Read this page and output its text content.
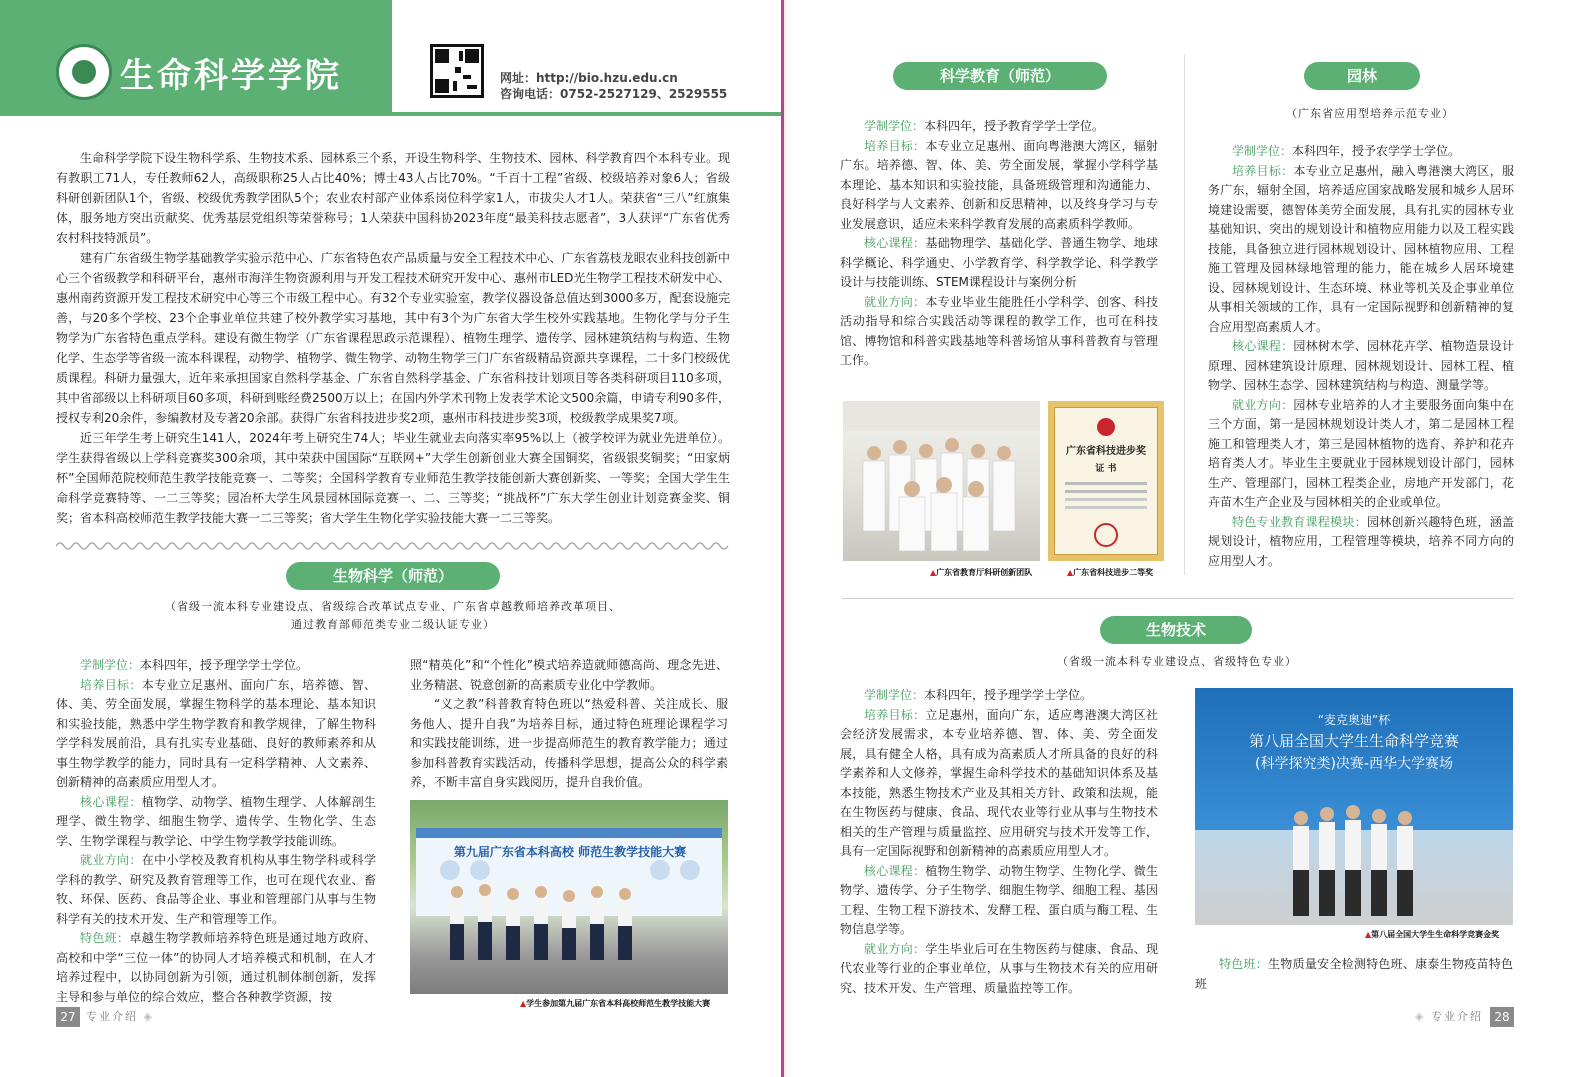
生命科学学院	网址：http://bio.hzu.edu.cn
咨询电话：0752-2527129、2529555

生命科学学院下设生物科学系、生物技术系、园林系三个系，开设生物科学、生物技术、园林、科学教育四个本科专业。现有教职工71人，专任教师62人，高级职称25人占比40%；博士43人占比70%。“千百十工程”省级、校级培养对象6人；省级科研创新团队1个，省级、校级优秀教学团队5个；农业农村部产业体系岗位科学家1人，市拔尖人才1人。荣获省“三八”红旗集体，服务地方突出贡献奖、优秀基层党组织等荣誉称号；1人荣获中国科协2023年度“最美科技志愿者”，3人获评“广东省优秀农村科技特派员”。

建有广东省级生物学基础教学实验示范中心、广东省特色农产品质量与安全工程技术中心、广东省荔枝龙眼农业科技创新中心三个省级教学和科研平台，惠州市海洋生物资源利用与开发工程技术研究开发中心、惠州市LED光生物学工程技术研发中心、惠州南药资源开发工程技术研究中心等三个市级工程中心。有32个专业实验室，教学仪器设备总值达到3000多万，配套设施完善，与20多个学校、23个企事业单位共建了校外教学实习基地，其中有3个为广东省大学生校外实践基地。生物化学与分子生物学为广东省特色重点学科。建设有微生物学（广东省课程思政示范课程）、植物生理学、遗传学、园林建筑结构与构造、生物化学、生态学等省级一流本科课程，动物学、植物学、微生物学、动物生物学三门广东省级精品资源共享课程，二十多门校级优质课程。科研力量强大，近年来承担国家自然科学基金、广东省自然科学基金、广东省科技计划项目等各类科研项目110多项，其中省部级以上科研项目60多项，科研到账经费2500万以上；在国内外学术刊物上发表学术论文500余篇，申请专利90多件，授权专利20余件，参编教材及专著20余部。获得广东省科技进步奖2项，惠州市科技进步奖3项，校级教学成果奖7项。

近三年学生考上研究生141人，2024年考上研究生74人；毕业生就业去向落实率95%以上（被学校评为就业先进单位）。学生获得省级以上学科竞赛奖300余项，其中荣获中国国际“互联网+”大学生创新创业大赛全国铜奖，省级银奖铜奖；“田家炳杯”全国师范院校师范生教学技能竞赛一、二等奖；全国科学教育专业师范生教学技能创新大赛创新奖、一等奖；全国大学生生命科学竞赛特等、一二三等奖；园冶杯大学生风景园林国际竞赛一、二、三等奖；“挑战杯”广东大学生创业计划竞赛金奖、铜奖；省本科高校师范生教学技能大赛一二三等奖；省大学生生物化学实验技能大赛一二三等奖。

生物科学（师范）
（省级一流本科专业建设点、省级综合改革试点专业、广东省卓越教师培养改革项目、
通过教育部师范类专业二级认证专业）

学制学位：本科四年，授予理学学士学位。

培养目标：本专业立足惠州、面向广东，培养德、智、体、美、劳全面发展，掌握生物科学的基本理论、基本知识和实验技能，熟悉中学生物学教育和教学规律，了解生物科学学科发展前沿，具有扎实专业基础、良好的教师素养和从事生物学教学的能力，同时具有一定科学精神、人文素养、创新精神的高素质应用型人才。

核心课程：植物学、动物学、植物生理学、人体解剖生理学、微生物学、细胞生物学、遗传学、生物化学、生态学、生物学课程与教学论、中学生物学教学技能训练。

就业方向：在中小学校及教育机构从事生物学科或科学学科的教学、研究及教育管理等工作，也可在现代农业、畜牧、环保、医药、食品等企业、事业和管理部门从事与生物科学有关的技术开发、生产和管理等工作。

特色班：卓越生物学教师培养特色班是通过地方政府、高校和中学“三位一体”的协同人才培养模式和机制，在人才培养过程中，以协同创新为引领，通过机制体制创新，发挥主导和参与单位的综合效应，整合各种教学资源，按

照“精英化”和“个性化”模式培养造就师德高尚、理念先进、业务精湛、锐意创新的高素质专业化中学教师。

“义之教”科普教育特色班以“热爱科普、关注成长、服务他人、提升自我”为培养目标，通过特色班理论课程学习和实践技能训练，进一步提高师范生的教育教学能力；通过参加科普教育实践活动，传播科学思想，提高公众的科学素养，不断丰富自身实践阅历，提升自我价值。

第九届广东省本科高校 师范生教学技能大赛
▲学生参加第九届广东省本科高校师范生教学技能大赛
27 专业介绍 ◈
科学教育（师范）

学制学位：本科四年，授予教育学学士学位。

培养目标：本专业立足惠州、面向粤港澳大湾区，辐射广东。培养德、智、体、美、劳全面发展，掌握小学科学基本理论、基本知识和实验技能，具备班级管理和沟通能力、良好科学与人文素养、创新和反思精神，以及终身学习与专业发展意识，适应未来科学教育发展的高素质科学教师。

核心课程：基础物理学、基础化学、普通生物学、地球科学概论、科学通史、小学教育学、科学教学论、科学教学设计与技能训练、STEM课程设计与案例分析

就业方向：本专业毕业生能胜任小学科学、创客、科技活动指导和综合实践活动等课程的教学工作，也可在科技馆、博物馆和科普实践基地等科普场馆从事科普教育与管理工作。

广东省科技进步奖
证 书
▲广东省教育厅科研创新团队	▲广东省科技进步二等奖
园林
（广东省应用型培养示范专业）

学制学位：本科四年，授予农学学士学位。

培养目标：本专业立足惠州，融入粤港澳大湾区，服务广东，辐射全国，培养适应国家战略发展和城乡人居环境建设需要，德智体美劳全面发展，具有扎实的园林专业基础知识、突出的规划设计和植物应用能力以及工程实践技能，具备独立进行园林规划设计、园林植物应用、工程施工管理及园林绿地管理的能力，能在城乡人居环境建设、园林规划设计、生态环境、林业等机关及企事业单位从事相关领域的工作，具有一定国际视野和创新精神的复合应用型高素质人才。

核心课程：园林树木学、园林花卉学、植物造景设计原理、园林建筑设计原理、园林规划设计、园林工程、植物学、园林生态学、园林建筑结构与构造、测量学等。

就业方向：园林专业培养的人才主要服务面向集中在三个方面，第一是园林规划设计类人才，第二是园林工程施工和管理类人才，第三是园林植物的选育、养护和花卉培育类人才。毕业生主要就业于园林规划设计部门，园林生产、管理部门，园林工程类企业，房地产开发部门，花卉苗木生产企业及与园林相关的企业或单位。

特色专业教育课程模块：园林创新兴趣特色班，涵盖规划设计，植物应用，工程管理等模块，培养不同方向的应用型人才。

生物技术
（省级一流本科专业建设点、省级特色专业）

学制学位：本科四年，授予理学学士学位。

培养目标：立足惠州，面向广东，适应粤港澳大湾区社会经济发展需求，本专业培养德、智、体、美、劳全面发展，具有健全人格，具有成为高素质人才所具备的良好的科学素养和人文修养，掌握生命科学技术的基础知识体系及基本技能，熟悉生物技术产业及其相关方针、政策和法规，能在生物医药与健康、食品、现代农业等行业从事与生物技术相关的生产管理与质量监控、应用研究与技术开发等工作，具有一定国际视野和创新精神的高素质应用型人才。

核心课程：植物生物学、动物生物学、生物化学、微生物学、遗传学、分子生物学、细胞生物学、细胞工程、基因工程、生物工程下游技术、发酵工程、蛋白质与酶工程、生物信息学等。

就业方向：学生毕业后可在生物医药与健康、食品、现代农业等行业的企事业单位，从事与生物技术有关的应用研究、技术开发、生产管理、质量监控等工作。

“麦克奥迪”杯
第八届全国大学生生命科学竞赛
(科学探究类)决赛-西华大学赛场
▲第八届全国大学生生命科学竞赛金奖

特色班：生物质量安全检测特色班、康泰生物疫苗特色班

◈ 专业介绍 28
